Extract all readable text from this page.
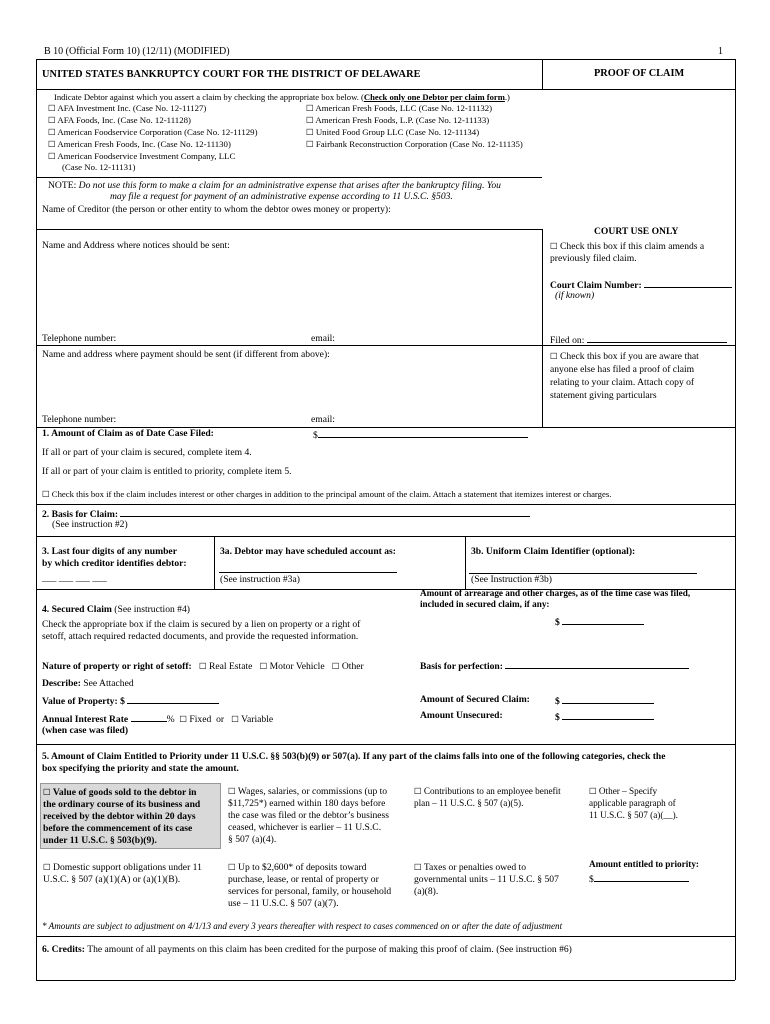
B 10 (Official Form 10) (12/11) (MODIFIED)	1
UNITED STATES BANKRUPTCY COURT FOR THE DISTRICT OF DELAWARE	PROOF OF CLAIM
Indicate Debtor against which you assert a claim by checking the appropriate box below. (Check only one Debtor per claim form.)
☐ AFA Investment Inc. (Case No. 12-11127)
☐ AFA Foods, Inc. (Case No. 12-11128)
☐ American Foodservice Corporation (Case No. 12-11129)
☐ American Fresh Foods, Inc. (Case No. 12-11130)
☐ American Foodservice Investment Company, LLC
(Case No. 12-11131)
☐ American Fresh Foods, LLC (Case No. 12-11132)
☐ American Fresh Foods, L.P. (Case No. 12-11133)
☐ United Food Group LLC (Case No. 12-11134)
☐ Fairbank Reconstruction Corporation (Case No. 12-11135)
NOTE: Do not use this form to make a claim for an administrative expense that arises after the bankruptcy filing. You
may file a request for payment of an administrative expense according to 11 U.S.C. §503.
Name of Creditor (the person or other entity to whom the debtor owes money or property):
Name and Address where notices should be sent:
Telephone number:	email:
Name and address where payment should be sent (if different from above):
Telephone number:	email:
COURT USE ONLY
☐ Check this box if this claim amends a
previously filed claim.
Court Claim Number:
(if known)
Filed on:
☐ Check this box if you are aware that
anyone else has filed a proof of claim
relating to your claim. Attach copy of
statement giving particulars
1. Amount of Claim as of Date Case Filed:	$
If all or part of your claim is secured, complete item 4.
If all or part of your claim is entitled to priority, complete item 5.
☐ Check this box if the claim includes interest or other charges in addition to the principal amount of the claim. Attach a statement that itemizes interest or charges.
2. Basis for Claim:
(See instruction #2)
3. Last four digits of any number
by which creditor identifies debtor:
___ ___ ___ ___
3a. Debtor may have scheduled account as:
(See instruction #3a)
3b. Uniform Claim Identifier (optional):
__ __ __ __ __ __ __ __ __ __ __ __ __ __ __ __ __ __
(See Instruction #3b)
Amount of arrearage and other charges, as of the time case was filed,
included in secured claim, if any:
$
4. Secured Claim (See instruction #4)
Check the appropriate box if the claim is secured by a lien on property or a right of
setoff, attach required redacted documents, and provide the requested information.
Nature of property or right of setoff: ☐ Real Estate ☐ Motor Vehicle ☐ Other	Basis for perfection:
Describe: See Attached
Value of Property: $	Amount of Secured Claim:	$
Amount Unsecured:	$
Annual Interest Rate	% ☐ Fixed or ☐ Variable
(when case was filed)
5. Amount of Claim Entitled to Priority under 11 U.S.C. §§ 503(b)(9) or 507(a). If any part of the claims falls into one of the following categories, check the
box specifying the priority and state the amount.
☐ Value of goods sold to the debtor in
the ordinary course of its business and
received by the debtor within 20 days
before the commencement of its case
under 11 U.S.C. § 503(b)(9).
☐ Wages, salaries, or commissions (up to
$11,725*) earned within 180 days before
the case was filed or the debtor’s business
ceased, whichever is earlier – 11 U.S.C.
§ 507 (a)(4).
☐ Contributions to an employee benefit
plan – 11 U.S.C. § 507 (a)(5).
☐ Other – Specify
applicable paragraph of
11 U.S.C. § 507 (a)(__).
☐ Domestic support obligations under 11
U.S.C. § 507 (a)(1)(A) or (a)(1)(B).
☐ Up to $2,600* of deposits toward
purchase, lease, or rental of property or
services for personal, family, or household
use – 11 U.S.C. § 507 (a)(7).
☐ Taxes or penalties owed to
governmental units – 11 U.S.C. § 507
(a)(8).
Amount entitled to priority:
$
* Amounts are subject to adjustment on 4/1/13 and every 3 years thereafter with respect to cases commenced on or after the date of adjustment
6. Credits: The amount of all payments on this claim has been credited for the purpose of making this proof of claim. (See instruction #6)
